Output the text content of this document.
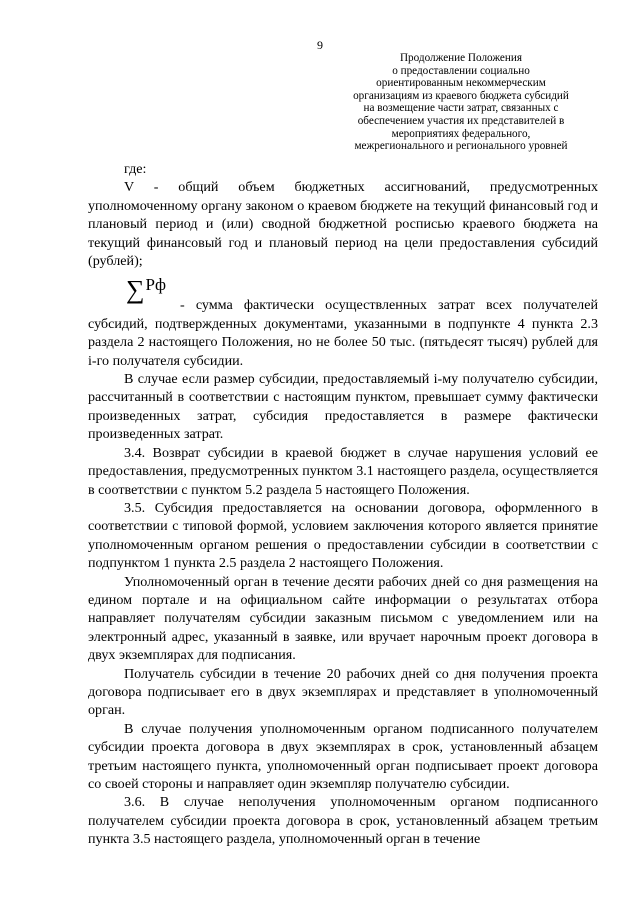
9
Продолжение Положения
о предоставлении социально
ориентированным некоммерческим
организациям из краевого бюджета субсидий
на возмещение части затрат, связанных с
обеспечением участия их представителей в
мероприятиях федерального,
межрегионального и регионального уровней

где:

V - общий объем бюджетных ассигнований, предусмотренных уполномоченному органу законом о краевом бюджете на текущий финансовый год и плановый период и (или) сводной бюджетной росписью краевого бюджета на текущий финансовый год и плановый период на цели предоставления субсидий (рублей);

∑Рф

- сумма фактически осуществленных затрат всех получателей субсидий, подтвержденных документами, указанными в подпункте 4 пункта 2.3 раздела 2 настоящего Положения, но не более 50 тыс. (пятьдесят тысяч) рублей для i-го получателя субсидии.

В случае если размер субсидии, предоставляемый i-му получателю субсидии, рассчитанный в соответствии с настоящим пунктом, превышает сумму фактически произведенных затрат, субсидия предоставляется в размере фактически произведенных затрат.

3.4. Возврат субсидии в краевой бюджет в случае нарушения условий ее предоставления, предусмотренных пунктом 3.1 настоящего раздела, осуществляется в соответствии с пунктом 5.2 раздела 5 настоящего Положения.

3.5. Субсидия предоставляется на основании договора, оформленного в соответствии с типовой формой, условием заключения которого является принятие уполномоченным органом решения о предоставлении субсидии в соответствии с подпунктом 1 пункта 2.5 раздела 2 настоящего Положения.

Уполномоченный орган в течение десяти рабочих дней со дня размещения на едином портале и на официальном сайте информации о результатах отбора направляет получателям субсидии заказным письмом с уведомлением или на электронный адрес, указанный в заявке, или вручает нарочным проект договора в двух экземплярах для подписания.

Получатель субсидии в течение 20 рабочих дней со дня получения проекта договора подписывает его в двух экземплярах и представляет в уполномоченный орган.

В случае получения уполномоченным органом подписанного получателем субсидии проекта договора в двух экземплярах в срок, установленный абзацем третьим настоящего пункта, уполномоченный орган подписывает проект договора со своей стороны и направляет один экземпляр получателю субсидии.

3.6. В случае неполучения уполномоченным органом подписанного получателем субсидии проекта договора в срок, установленный абзацем третьим пункта 3.5 настоящего раздела, уполномоченный орган в течение
